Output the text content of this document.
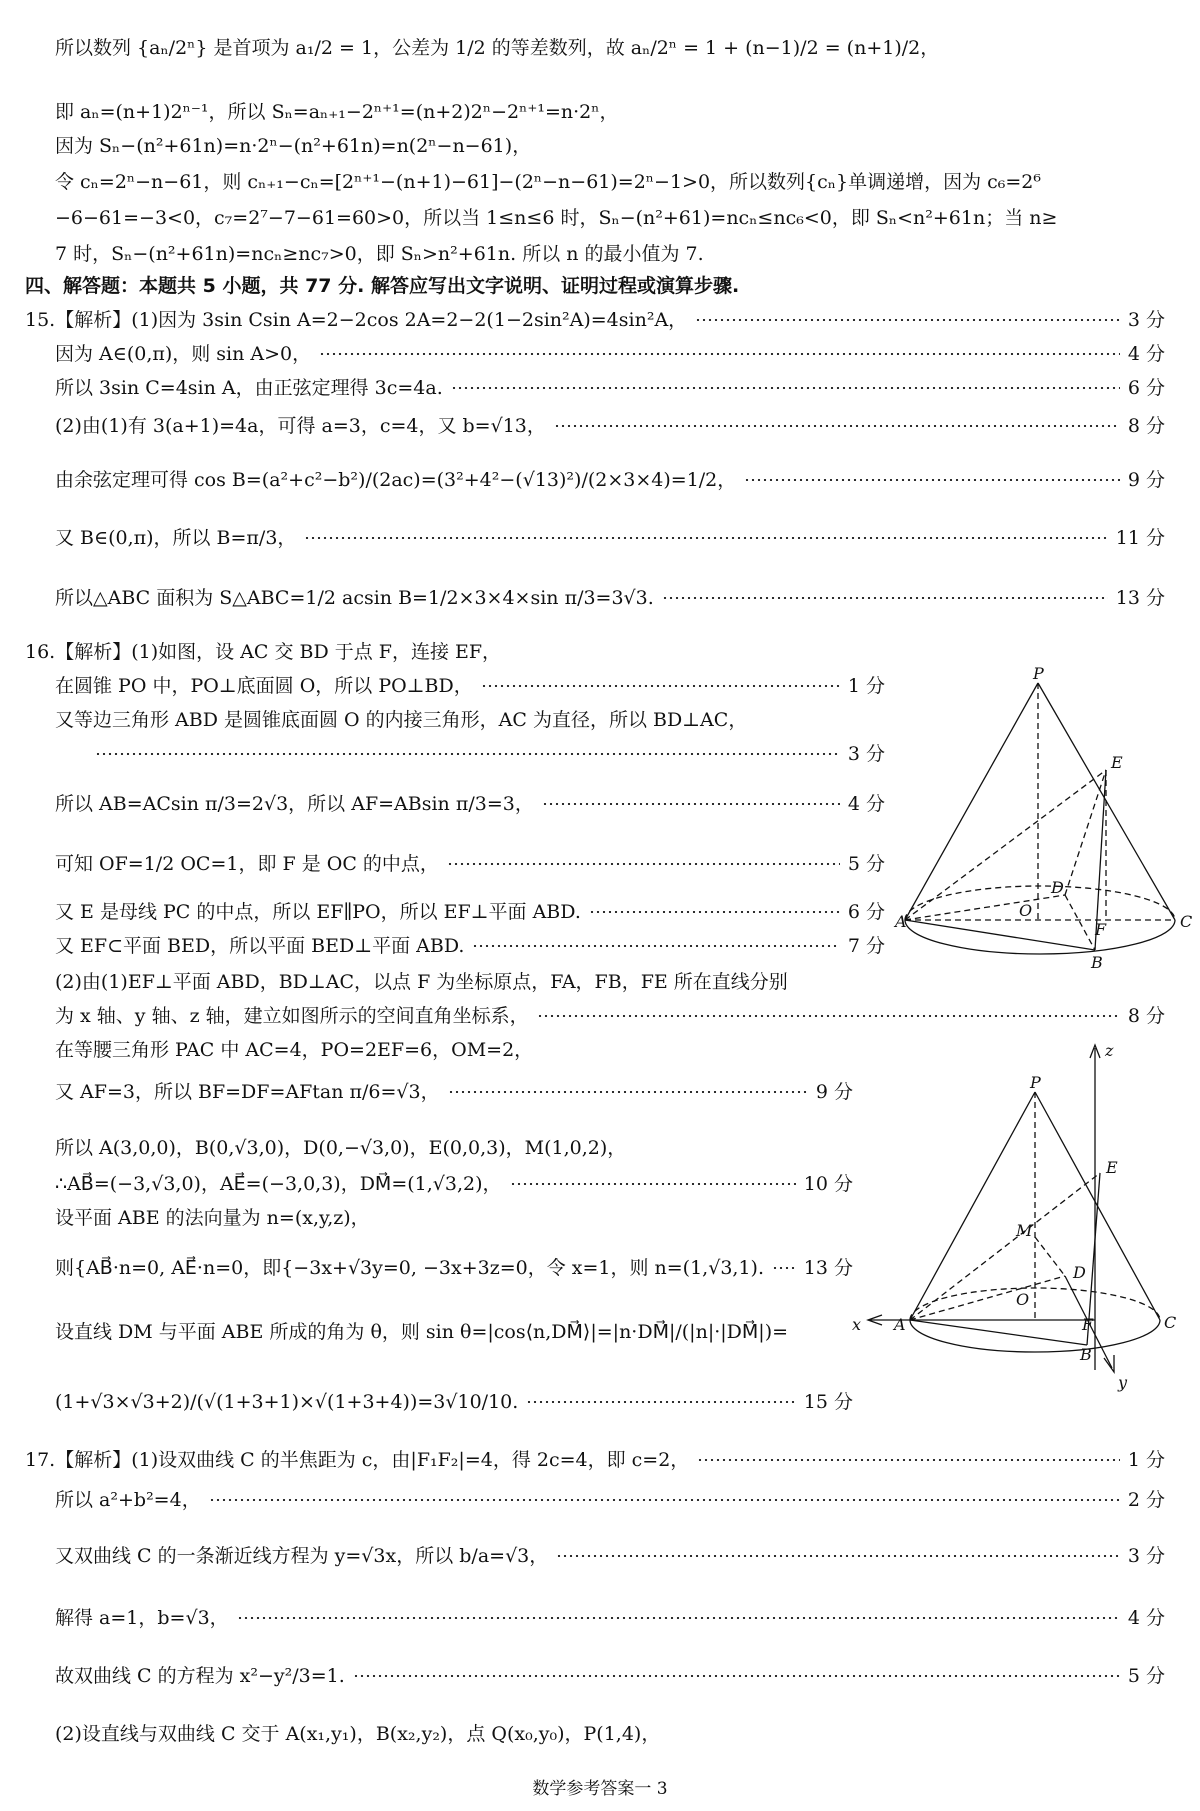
所以数列 {aₙ/2ⁿ} 是首项为 a₁/2 = 1，公差为 1/2 的等差数列，故 aₙ/2ⁿ = 1 + (n−1)/2 = (n+1)/2，
即 aₙ=(n+1)2ⁿ⁻¹，所以 Sₙ=aₙ₊₁−2ⁿ⁺¹=(n+2)2ⁿ−2ⁿ⁺¹=n·2ⁿ，
因为 Sₙ−(n²+61n)=n·2ⁿ−(n²+61n)=n(2ⁿ−n−61)，
令 cₙ=2ⁿ−n−61，则 cₙ₊₁−cₙ=[2ⁿ⁺¹−(n+1)−61]−(2ⁿ−n−61)=2ⁿ−1>0，所以数列{cₙ}单调递增，因为 c₆=2⁶
−6−61=−3<0，c₇=2⁷−7−61=60>0，所以当 1≤n≤6 时，Sₙ−(n²+61)=ncₙ≤nc₆<0，即 Sₙ<n²+61n；当 n≥
7 时，Sₙ−(n²+61n)=ncₙ≥nc₇>0，即 Sₙ>n²+61n. 所以 n 的最小值为 7.
四、解答题：本题共 5 小题，共 77 分. 解答应写出文字说明、证明过程或演算步骤.
15.【解析】(1)因为 3sin Csin A=2−2cos 2A=2−2(1−2sin²A)=4sin²A，	3 分
因为 A∈(0,π)，则 sin A>0，	4 分
所以 3sin C=4sin A，由正弦定理得 3c=4a.	6 分
(2)由(1)有 3(a+1)=4a，可得 a=3，c=4，又 b=√13，	8 分
由余弦定理可得 cos B=(a²+c²−b²)/(2ac)=(3²+4²−(√13)²)/(2×3×4)=1/2，	9 分
又 B∈(0,π)，所以 B=π/3，	11 分
所以△ABC 面积为 S△ABC=1/2 acsin B=1/2×3×4×sin π/3=3√3.	13 分
16.【解析】(1)如图，设 AC 交 BD 于点 F，连接 EF，
在圆锥 PO 中，PO⊥底面圆 O，所以 PO⊥BD，	1 分
又等边三角形 ABD 是圆锥底面圆 O 的内接三角形，AC 为直径，所以 BD⊥AC，
3 分
所以 AB=ACsin π/3=2√3，所以 AF=ABsin π/3=3，	4 分
可知 OF=1/2 OC=1，即 F 是 OC 的中点，	5 分
又 E 是母线 PC 的中点，所以 EF∥PO，所以 EF⊥平面 ABD.	6 分
又 EF⊂平面 BED，所以平面 BED⊥平面 ABD.	7 分
(2)由(1)EF⊥平面 ABD，BD⊥AC，以点 F 为坐标原点，FA，FB，FE 所在直线分别
为 x 轴、y 轴、z 轴，建立如图所示的空间直角坐标系，	8 分
在等腰三角形 PAC 中 AC=4，PO=2EF=6，OM=2，
又 AF=3，所以 BF=DF=AFtan π/6=√3，	9 分
所以 A(3,0,0)，B(0,√3,0)，D(0,−√3,0)，E(0,0,3)，M(1,0,2)，
∴AB⃗=(−3,√3,0)，AE⃗=(−3,0,3)，DM⃗=(1,√3,2)，	10 分
设平面 ABE 的法向量为 n=(x,y,z)，
则{AB⃗·n=0, AE⃗·n=0，即{−3x+√3y=0, −3x+3z=0，令 x=1，则 n=(1,√3,1). 13 分
设直线 DM 与平面 ABE 所成的角为 θ，则 sin θ=|cos⟨n,DM⃗⟩|=|n·DM⃗|/(|n|·|DM⃗|)=
(1+√3×√3+2)/(√(1+3+1)×√(1+3+4))=3√10/10.	15 分
17.【解析】(1)设双曲线 C 的半焦距为 c，由|F₁F₂|=4，得 2c=4，即 c=2，	1 分
所以 a²+b²=4，	2 分
又双曲线 C 的一条渐近线方程为 y=√3x，所以 b/a=√3，	3 分
解得 a=1，b=√3，	4 分
故双曲线 C 的方程为 x²−y²/3=1.	5 分
(2)设直线与双曲线 C 交于 A(x₁,y₁)，B(x₂,y₂)，点 Q(x₀,y₀)，P(1,4)，
P
E
D
O
A	F	C
B
z
P
E
M
D
O
x A	F	C
B
y
数学参考答案一 3
